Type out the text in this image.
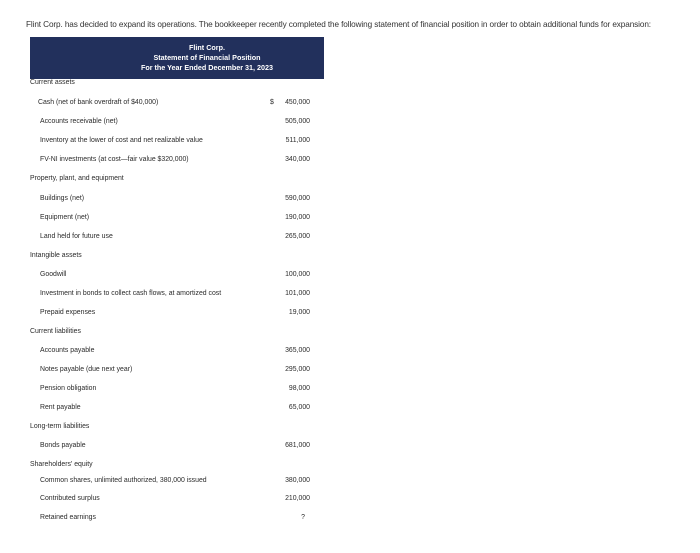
Flint Corp. has decided to expand its operations. The bookkeeper recently completed the following statement of financial position in order to obtain additional funds for expansion:
Flint Corp.
Statement of Financial Position
For the Year Ended December 31, 2023
Current assets
Cash (net of bank overdraft of $40,000)	$ 450,000
Accounts receivable (net)	505,000
Inventory at the lower of cost and net realizable value	511,000
FV-NI investments (at cost—fair value $320,000)	340,000
Property, plant, and equipment
Buildings (net)	590,000
Equipment (net)	190,000
Land held for future use	265,000
Intangible assets
Goodwill	100,000
Investment in bonds to collect cash flows, at amortized cost	101,000
Prepaid expenses	19,000
Current liabilities
Accounts payable	365,000
Notes payable (due next year)	295,000
Pension obligation	98,000
Rent payable	65,000
Long-term liabilities
Bonds payable	681,000
Shareholders' equity
Common shares, unlimited authorized, 380,000 issued	380,000
Contributed surplus	210,000
Retained earnings	?
